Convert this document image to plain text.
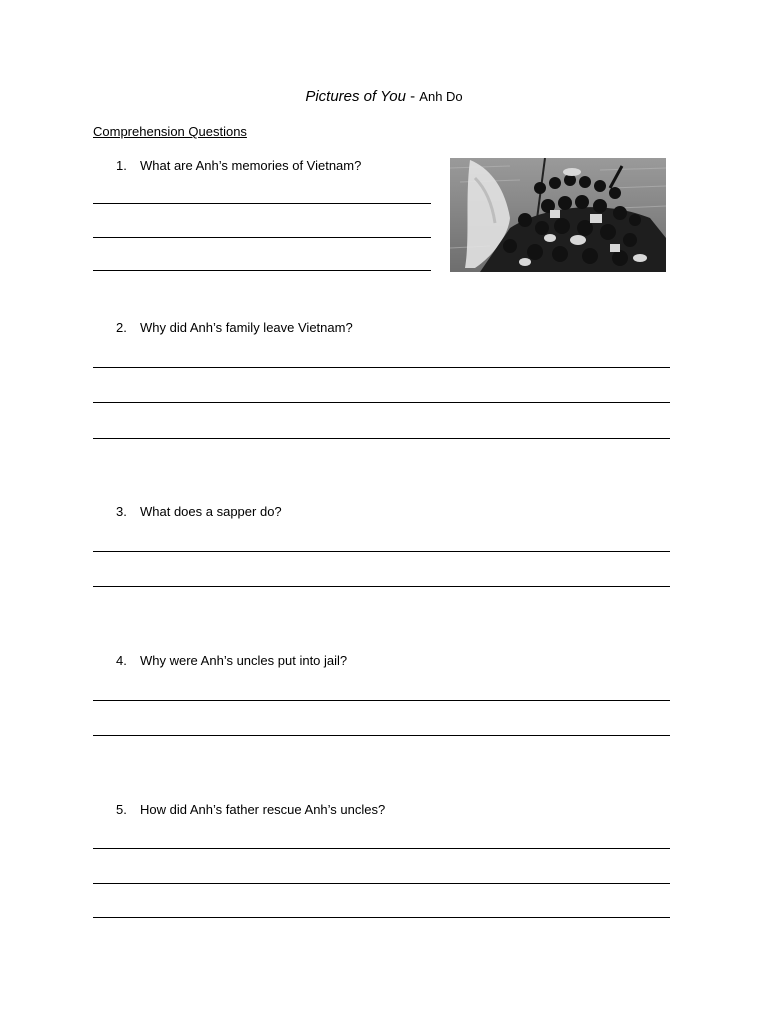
Pictures of You - Anh Do
Comprehension Questions
1. What are Anh’s memories of Vietnam?
2. Why did Anh’s family leave Vietnam?
3. What does a sapper do?
4. Why were Anh’s uncles put into jail?
5. How did Anh’s father rescue Anh’s uncles?
